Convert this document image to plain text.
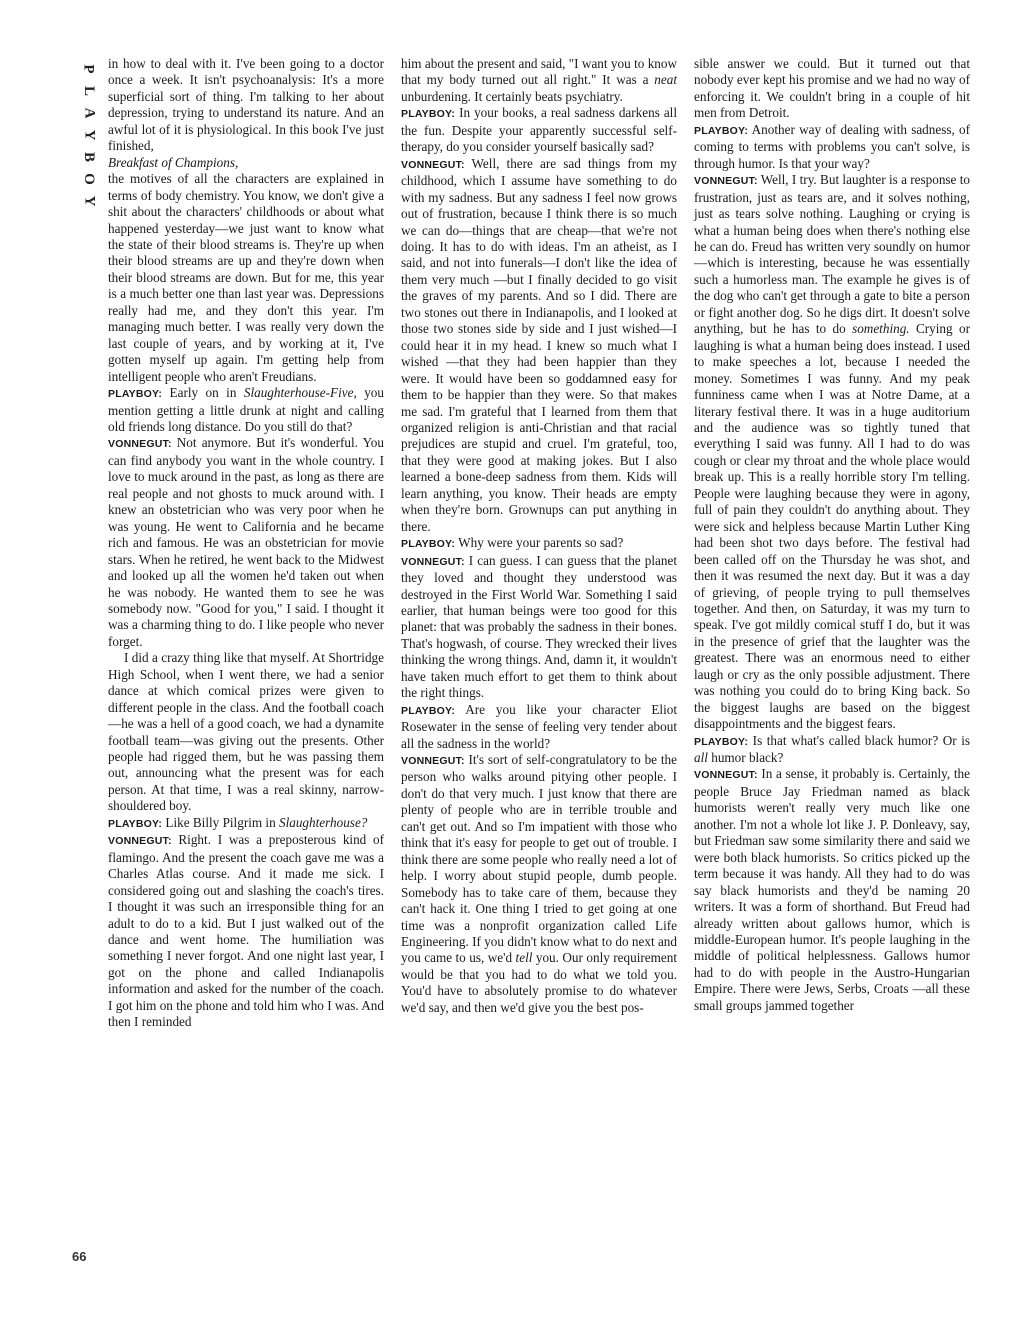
P
L
A
Y
B
O
Y
66

in how to deal with it. I've been going to a doctor once a week. It isn't psychoanalysis: It's a more superficial sort of thing. I'm talking to her about depression, trying to understand its nature. And an awful lot of it is physiological. In this book I've just finished,

Breakfast of Champions,

the motives of all the characters are explained in terms of body chemistry. You know, we don't give a shit about the characters' childhoods or about what happened yesterday—we just want to know what the state of their blood streams is. They're up when their blood streams are up and they're down when their blood streams are down. But for me, this year is a much better one than last year was. Depressions really had me, and they don't this year. I'm managing much better. I was really very down the last couple of years, and by working at it, I've gotten myself up again. I'm getting help from intelligent people who aren't Freudians.

PLAYBOY: Early on in Slaughterhouse-Five, you mention getting a little drunk at night and calling old friends long distance. Do you still do that?

VONNEGUT: Not anymore. But it's wonderful. You can find anybody you want in the whole country. I love to muck around in the past, as long as there are real people and not ghosts to muck around with. I knew an obstetrician who was very poor when he was young. He went to California and he became rich and famous. He was an obstetrician for movie stars. When he retired, he went back to the Midwest and looked up all the women he'd taken out when he was nobody. He wanted them to see he was somebody now. "Good for you," I said. I thought it was a charming thing to do. I like people who never forget.

I did a crazy thing like that myself. At Shortridge High School, when I went there, we had a senior dance at which comical prizes were given to different people in the class. And the football coach—he was a hell of a good coach, we had a dynamite football team—was giving out the presents. Other people had rigged them, but he was passing them out, announcing what the present was for each person. At that time, I was a real skinny, narrow-shouldered boy.

PLAYBOY: Like Billy Pilgrim in Slaughterhouse?

VONNEGUT: Right. I was a preposterous kind of flamingo. And the present the coach gave me was a Charles Atlas course. And it made me sick. I considered going out and slashing the coach's tires. I thought it was such an irresponsible thing for an adult to do to a kid. But I just walked out of the dance and went home. The humiliation was something I never forgot. And one night last year, I got on the phone and called Indianapolis information and asked for the number of the coach. I got him on the phone and told him who I was. And then I reminded

him about the present and said, "I want you to know that my body turned out all right." It was a neat unburdening. It certainly beats psychiatry.

PLAYBOY: In your books, a real sadness darkens all the fun. Despite your apparently successful self-therapy, do you consider yourself basically sad?

VONNEGUT: Well, there are sad things from my childhood, which I assume have something to do with my sadness. But any sadness I feel now grows out of frustration, because I think there is so much we can do—things that are cheap—that we're not doing. It has to do with ideas. I'm an atheist, as I said, and not into funerals—I don't like the idea of them very much —but I finally decided to go visit the graves of my parents. And so I did. There are two stones out there in Indianapolis, and I looked at those two stones side by side and I just wished—I could hear it in my head. I knew so much what I wished —that they had been happier than they were. It would have been so goddamned easy for them to be happier than they were. So that makes me sad. I'm grateful that I learned from them that organized religion is anti-Christian and that racial prejudices are stupid and cruel. I'm grateful, too, that they were good at making jokes. But I also learned a bone-deep sadness from them. Kids will learn anything, you know. Their heads are empty when they're born. Grownups can put anything in there.

PLAYBOY: Why were your parents so sad?

VONNEGUT: I can guess. I can guess that the planet they loved and thought they understood was destroyed in the First World War. Something I said earlier, that human beings were too good for this planet: that was probably the sadness in their bones. That's hogwash, of course. They wrecked their lives thinking the wrong things. And, damn it, it wouldn't have taken much effort to get them to think about the right things.

PLAYBOY: Are you like your character Eliot Rosewater in the sense of feeling very tender about all the sadness in the world?

VONNEGUT: It's sort of self-congratulatory to be the person who walks around pitying other people. I don't do that very much. I just know that there are plenty of people who are in terrible trouble and can't get out. And so I'm impatient with those who think that it's easy for people to get out of trouble. I think there are some people who really need a lot of help. I worry about stupid people, dumb people. Somebody has to take care of them, because they can't hack it. One thing I tried to get going at one time was a nonprofit organization called Life Engineering. If you didn't know what to do next and you came to us, we'd tell you. Our only requirement would be that you had to do what we told you. You'd have to absolutely promise to do whatever we'd say, and then we'd give you the best pos-

sible answer we could. But it turned out that nobody ever kept his promise and we had no way of enforcing it. We couldn't bring in a couple of hit men from Detroit.

PLAYBOY: Another way of dealing with sadness, of coming to terms with problems you can't solve, is through humor. Is that your way?

VONNEGUT: Well, I try. But laughter is a response to frustration, just as tears are, and it solves nothing, just as tears solve nothing. Laughing or crying is what a human being does when there's nothing else he can do. Freud has written very soundly on humor—which is interesting, because he was essentially such a humorless man. The example he gives is of the dog who can't get through a gate to bite a person or fight another dog. So he digs dirt. It doesn't solve anything, but he has to do something. Crying or laughing is what a human being does instead. I used to make speeches a lot, because I needed the money. Sometimes I was funny. And my peak funniness came when I was at Notre Dame, at a literary festival there. It was in a huge auditorium and the audience was so tightly tuned that everything I said was funny. All I had to do was cough or clear my throat and the whole place would break up. This is a really horrible story I'm telling. People were laughing because they were in agony, full of pain they couldn't do anything about. They were sick and helpless because Martin Luther King had been shot two days before. The festival had been called off on the Thursday he was shot, and then it was resumed the next day. But it was a day of grieving, of people trying to pull themselves together. And then, on Saturday, it was my turn to speak. I've got mildly comical stuff I do, but it was in the presence of grief that the laughter was the greatest. There was an enormous need to either laugh or cry as the only possible adjustment. There was nothing you could do to bring King back. So the biggest laughs are based on the biggest disappointments and the biggest fears.

PLAYBOY: Is that what's called black humor? Or is all humor black?

VONNEGUT: In a sense, it probably is. Certainly, the people Bruce Jay Friedman named as black humorists weren't really very much like one another. I'm not a whole lot like J. P. Donleavy, say, but Friedman saw some similarity there and said we were both black humorists. So critics picked up the term because it was handy. All they had to do was say black humorists and they'd be naming 20 writers. It was a form of shorthand. But Freud had already written about gallows humor, which is middle-European humor. It's people laughing in the middle of political helplessness. Gallows humor had to do with people in the Austro-Hungarian Empire. There were Jews, Serbs, Croats —all these small groups jammed together
